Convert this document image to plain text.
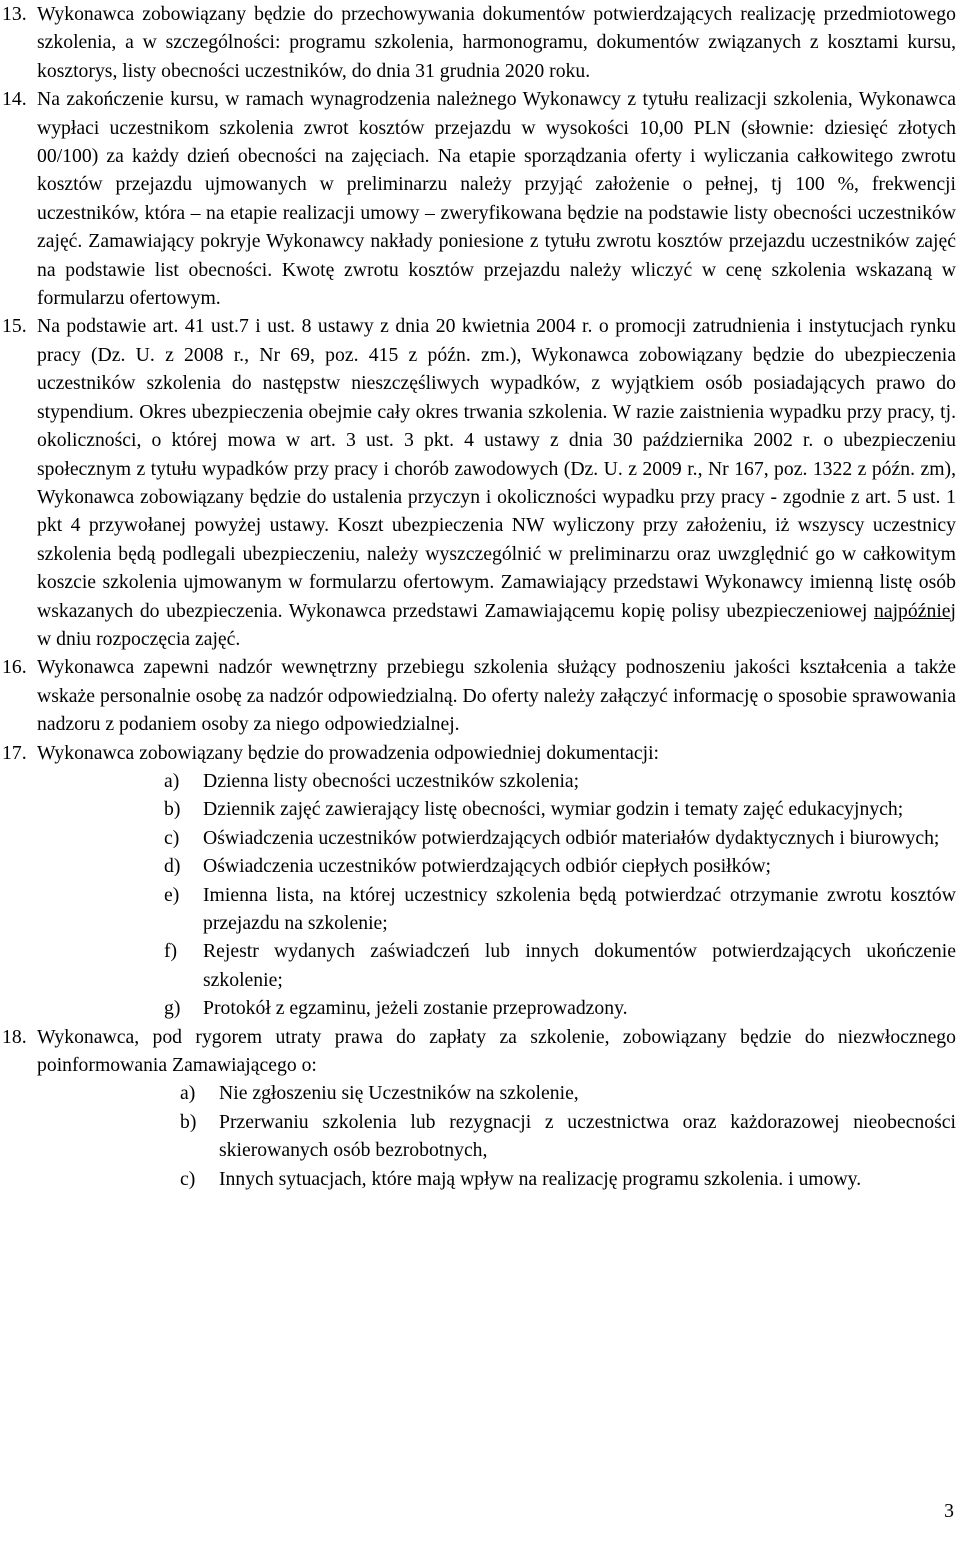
13. Wykonawca zobowiązany będzie do przechowywania dokumentów potwierdzających realizację przedmiotowego szkolenia, a w szczególności: programu szkolenia, harmonogramu, dokumentów związanych z kosztami kursu, kosztorys, listy obecności uczestników, do dnia 31 grudnia 2020 roku.
14. Na zakończenie kursu, w ramach wynagrodzenia należnego Wykonawcy z tytułu realizacji szkolenia, Wykonawca wypłaci uczestnikom szkolenia zwrot kosztów przejazdu w wysokości 10,00 PLN (słownie: dziesięć złotych 00/100) za każdy dzień obecności na zajęciach. Na etapie sporządzania oferty i wyliczania całkowitego zwrotu kosztów przejazdu ujmowanych w preliminarzu należy przyjąć założenie o pełnej, tj 100 %, frekwencji uczestników, która – na etapie realizacji umowy – zweryfikowana będzie na podstawie listy obecności uczestników zajęć. Zamawiający pokryje Wykonawcy nakłady poniesione z tytułu zwrotu kosztów przejazdu uczestników zajęć na podstawie list obecności. Kwotę zwrotu kosztów przejazdu należy wliczyć w cenę szkolenia wskazaną w formularzu ofertowym.
15. Na podstawie art. 41 ust.7 i ust. 8 ustawy z dnia 20 kwietnia 2004 r. o promocji zatrudnienia i instytucjach rynku pracy (Dz. U. z 2008 r., Nr 69, poz. 415 z późn. zm.), Wykonawca zobowiązany będzie do ubezpieczenia uczestników szkolenia do następstw nieszczęśliwych wypadków, z wyjątkiem osób posiadających prawo do stypendium. Okres ubezpieczenia obejmie cały okres trwania szkolenia. W razie zaistnienia wypadku przy pracy, tj. okoliczności, o której mowa w art. 3 ust. 3 pkt. 4 ustawy z dnia 30 października 2002 r. o ubezpieczeniu społecznym z tytułu wypadków przy pracy i chorób zawodowych (Dz. U. z 2009 r., Nr 167, poz. 1322 z późn. zm), Wykonawca zobowiązany będzie do ustalenia przyczyn i okoliczności wypadku przy pracy - zgodnie z art. 5 ust. 1 pkt 4 przywołanej powyżej ustawy. Koszt ubezpieczenia NW wyliczony przy założeniu, iż wszyscy uczestnicy szkolenia będą podlegali ubezpieczeniu, należy wyszczególnić w preliminarzu oraz uwzględnić go w całkowitym koszcie szkolenia ujmowanym w formularzu ofertowym. Zamawiający przedstawi Wykonawcy imienną listę osób wskazanych do ubezpieczenia. Wykonawca przedstawi Zamawiającemu kopię polisy ubezpieczeniowej najpóźniej w dniu rozpoczęcia zajęć.
16. Wykonawca zapewni nadzór wewnętrzny przebiegu szkolenia służący podnoszeniu jakości kształcenia a także wskaże personalnie osobę za nadzór odpowiedzialną. Do oferty należy załączyć informację o sposobie sprawowania nadzoru z podaniem osoby za niego odpowiedzialnej.
17. Wykonawca zobowiązany będzie do prowadzenia odpowiedniej dokumentacji:
a) Dzienna listy obecności uczestników szkolenia;
b) Dziennik zajęć zawierający listę obecności, wymiar godzin i tematy zajęć edukacyjnych;
c) Oświadczenia uczestników potwierdzających odbiór materiałów dydaktycznych i biurowych;
d) Oświadczenia uczestników potwierdzających odbiór ciepłych posiłków;
e) Imienna lista, na której uczestnicy szkolenia będą potwierdzać otrzymanie zwrotu kosztów przejazdu na szkolenie;
f) Rejestr wydanych zaświadczeń lub innych dokumentów potwierdzających ukończenie szkolenie;
g) Protokół z egzaminu, jeżeli zostanie przeprowadzony.
18. Wykonawca, pod rygorem utraty prawa do zapłaty za szkolenie, zobowiązany będzie do niezwłocznego poinformowania Zamawiającego o:
a) Nie zgłoszeniu się Uczestników na szkolenie,
b) Przerwaniu szkolenia lub rezygnacji z uczestnictwa oraz każdorazowej nieobecności skierowanych osób bezrobotnych,
c) Innych sytuacjach, które mają wpływ na realizację programu szkolenia. i umowy.
3
